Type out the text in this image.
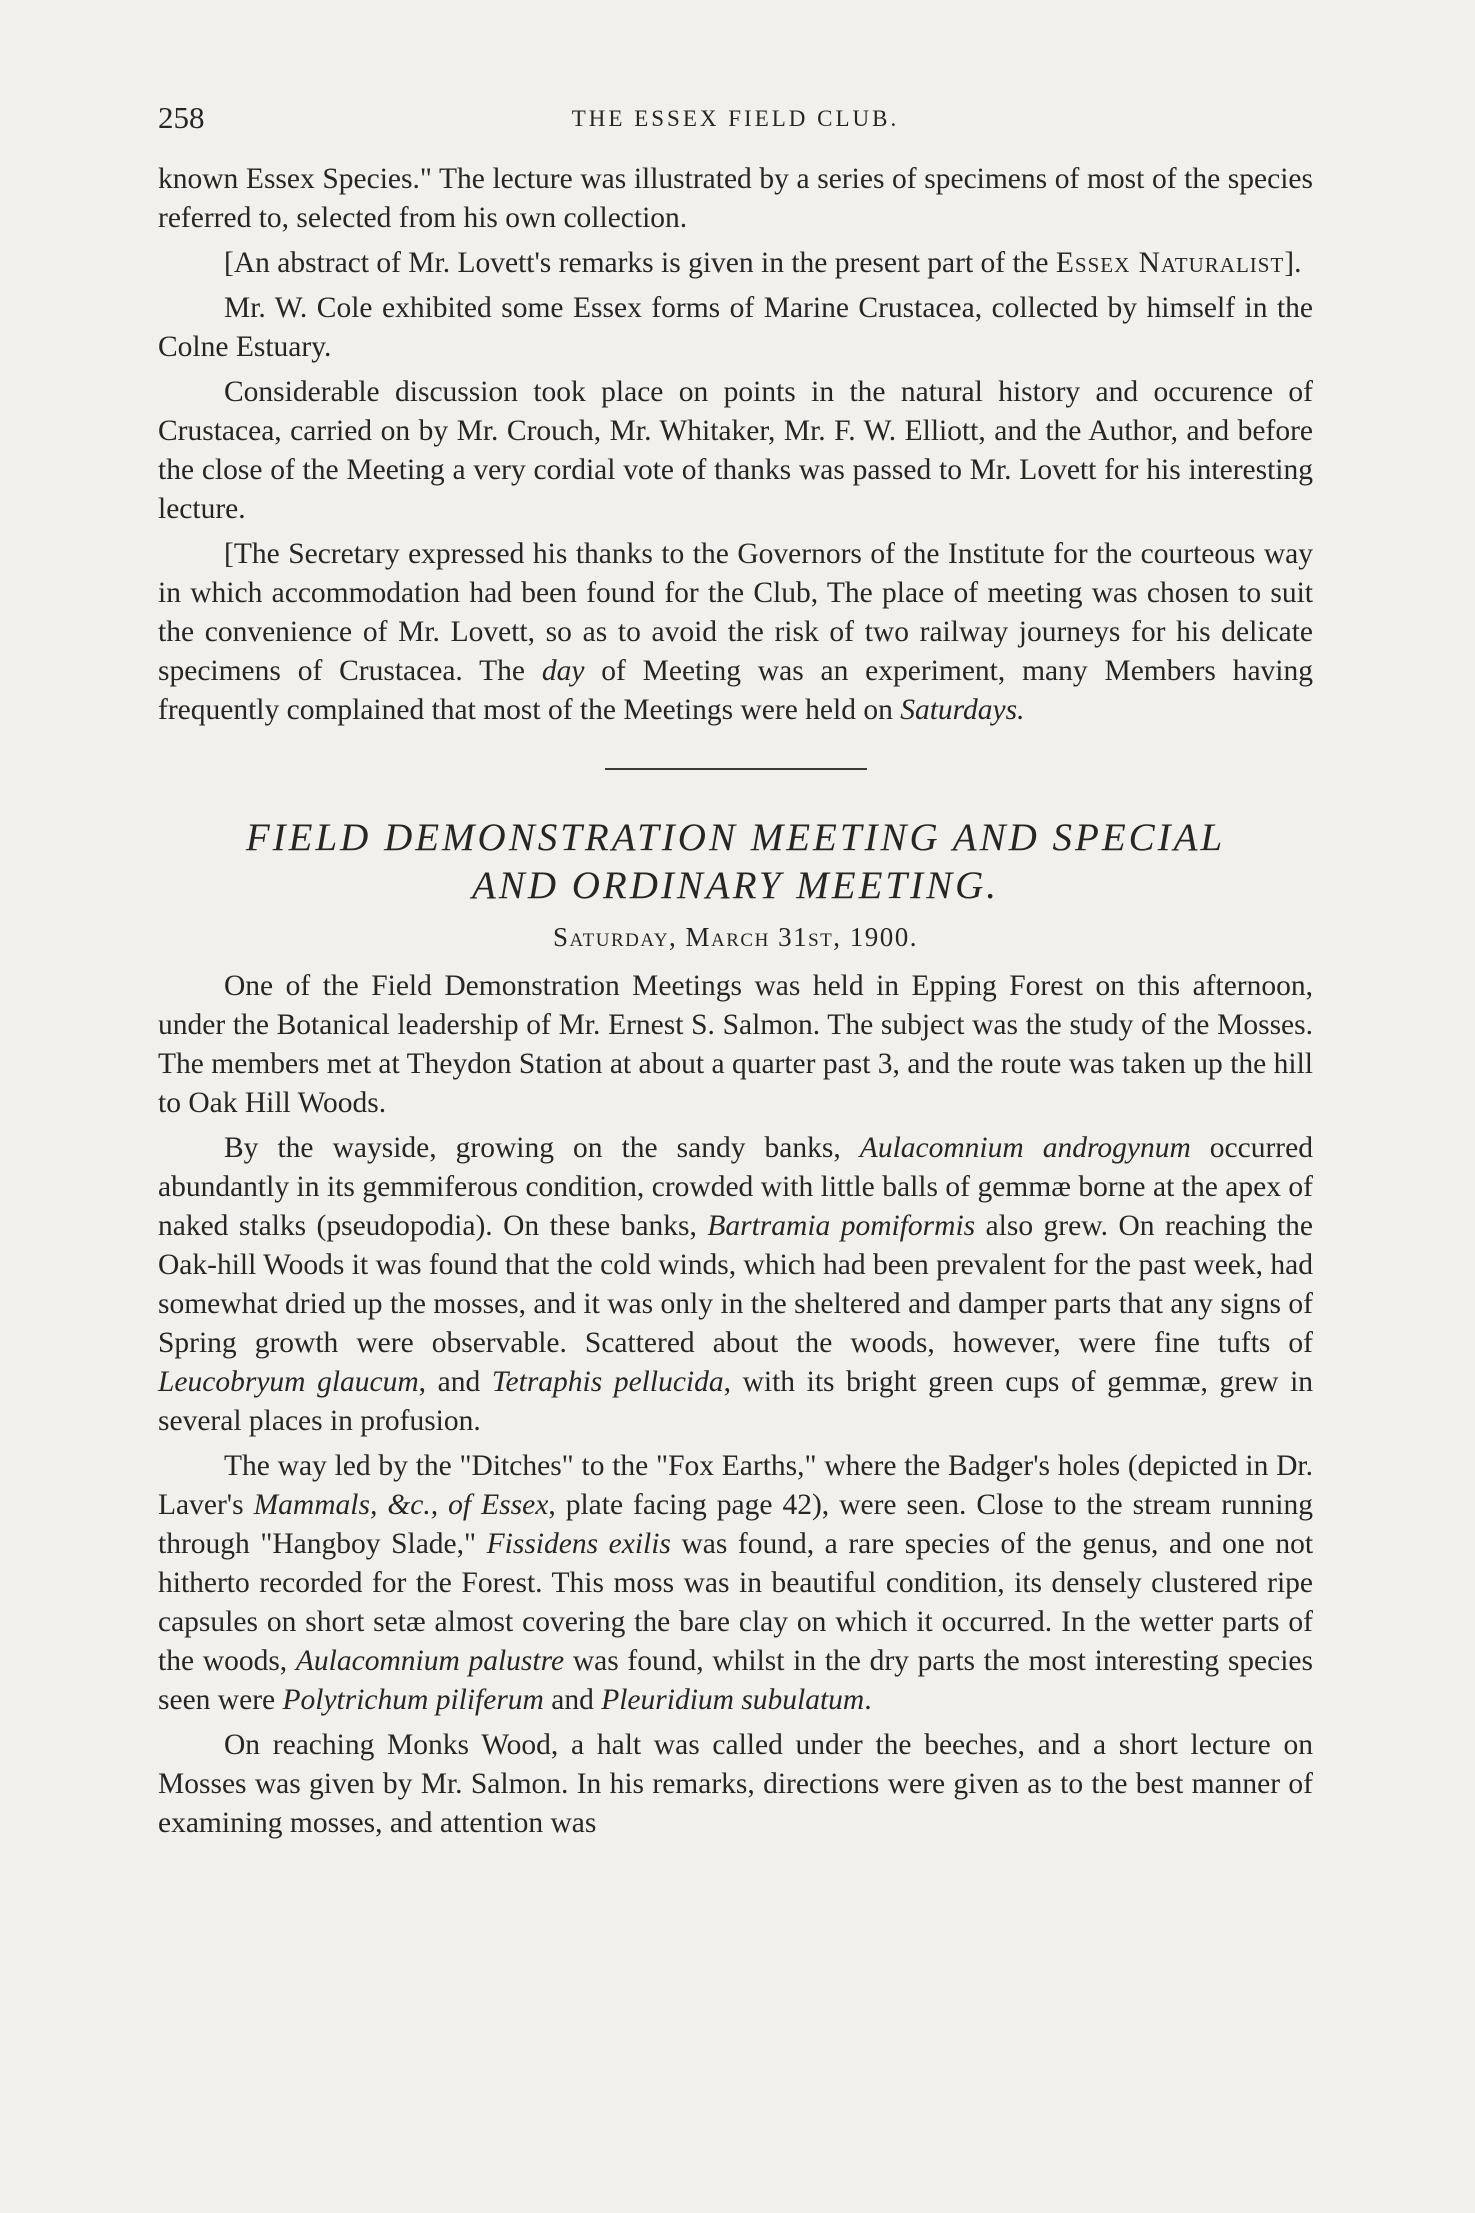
258	THE ESSEX FIELD CLUB.

known Essex Species." The lecture was illustrated by a series of specimens of most of the species referred to, selected from his own collection.

[An abstract of Mr. Lovett's remarks is given in the present part of the Essex Naturalist].

Mr. W. Cole exhibited some Essex forms of Marine Crustacea, collected by himself in the Colne Estuary.

Considerable discussion took place on points in the natural history and occurence of Crustacea, carried on by Mr. Crouch, Mr. Whitaker, Mr. F. W. Elliott, and the Author, and before the close of the Meeting a very cordial vote of thanks was passed to Mr. Lovett for his interesting lecture.

[The Secretary expressed his thanks to the Governors of the Institute for the courteous way in which accommodation had been found for the Club, The place of meeting was chosen to suit the convenience of Mr. Lovett, so as to avoid the risk of two railway journeys for his delicate specimens of Crustacea. The day of Meeting was an experiment, many Members having frequently complained that most of the Meetings were held on Saturdays.

FIELD DEMONSTRATION MEETING AND SPECIAL
AND ORDINARY MEETING.
Saturday, March 31st, 1900.

One of the Field Demonstration Meetings was held in Epping Forest on this afternoon, under the Botanical leadership of Mr. Ernest S. Salmon. The subject was the study of the Mosses. The members met at Theydon Station at about a quarter past 3, and the route was taken up the hill to Oak Hill Woods.

By the wayside, growing on the sandy banks, Aulacomnium androgynum occurred abundantly in its gemmiferous condition, crowded with little balls of gemmæ borne at the apex of naked stalks (pseudopodia). On these banks, Bartramia pomiformis also grew. On reaching the Oak-hill Woods it was found that the cold winds, which had been prevalent for the past week, had somewhat dried up the mosses, and it was only in the sheltered and damper parts that any signs of Spring growth were observable. Scattered about the woods, however, were fine tufts of Leucobryum glaucum, and Tetraphis pellucida, with its bright green cups of gemmæ, grew in several places in profusion.

The way led by the "Ditches" to the "Fox Earths," where the Badger's holes (depicted in Dr. Laver's Mammals, &c., of Essex, plate facing page 42), were seen. Close to the stream running through "Hangboy Slade," Fissidens exilis was found, a rare species of the genus, and one not hitherto recorded for the Forest. This moss was in beautiful condition, its densely clustered ripe capsules on short setæ almost covering the bare clay on which it occurred. In the wetter parts of the woods, Aulacomnium palustre was found, whilst in the dry parts the most interesting species seen were Polytrichum piliferum and Pleuridium subulatum.

On reaching Monks Wood, a halt was called under the beeches, and a short lecture on Mosses was given by Mr. Salmon. In his remarks, directions were given as to the best manner of examining mosses, and attention was
